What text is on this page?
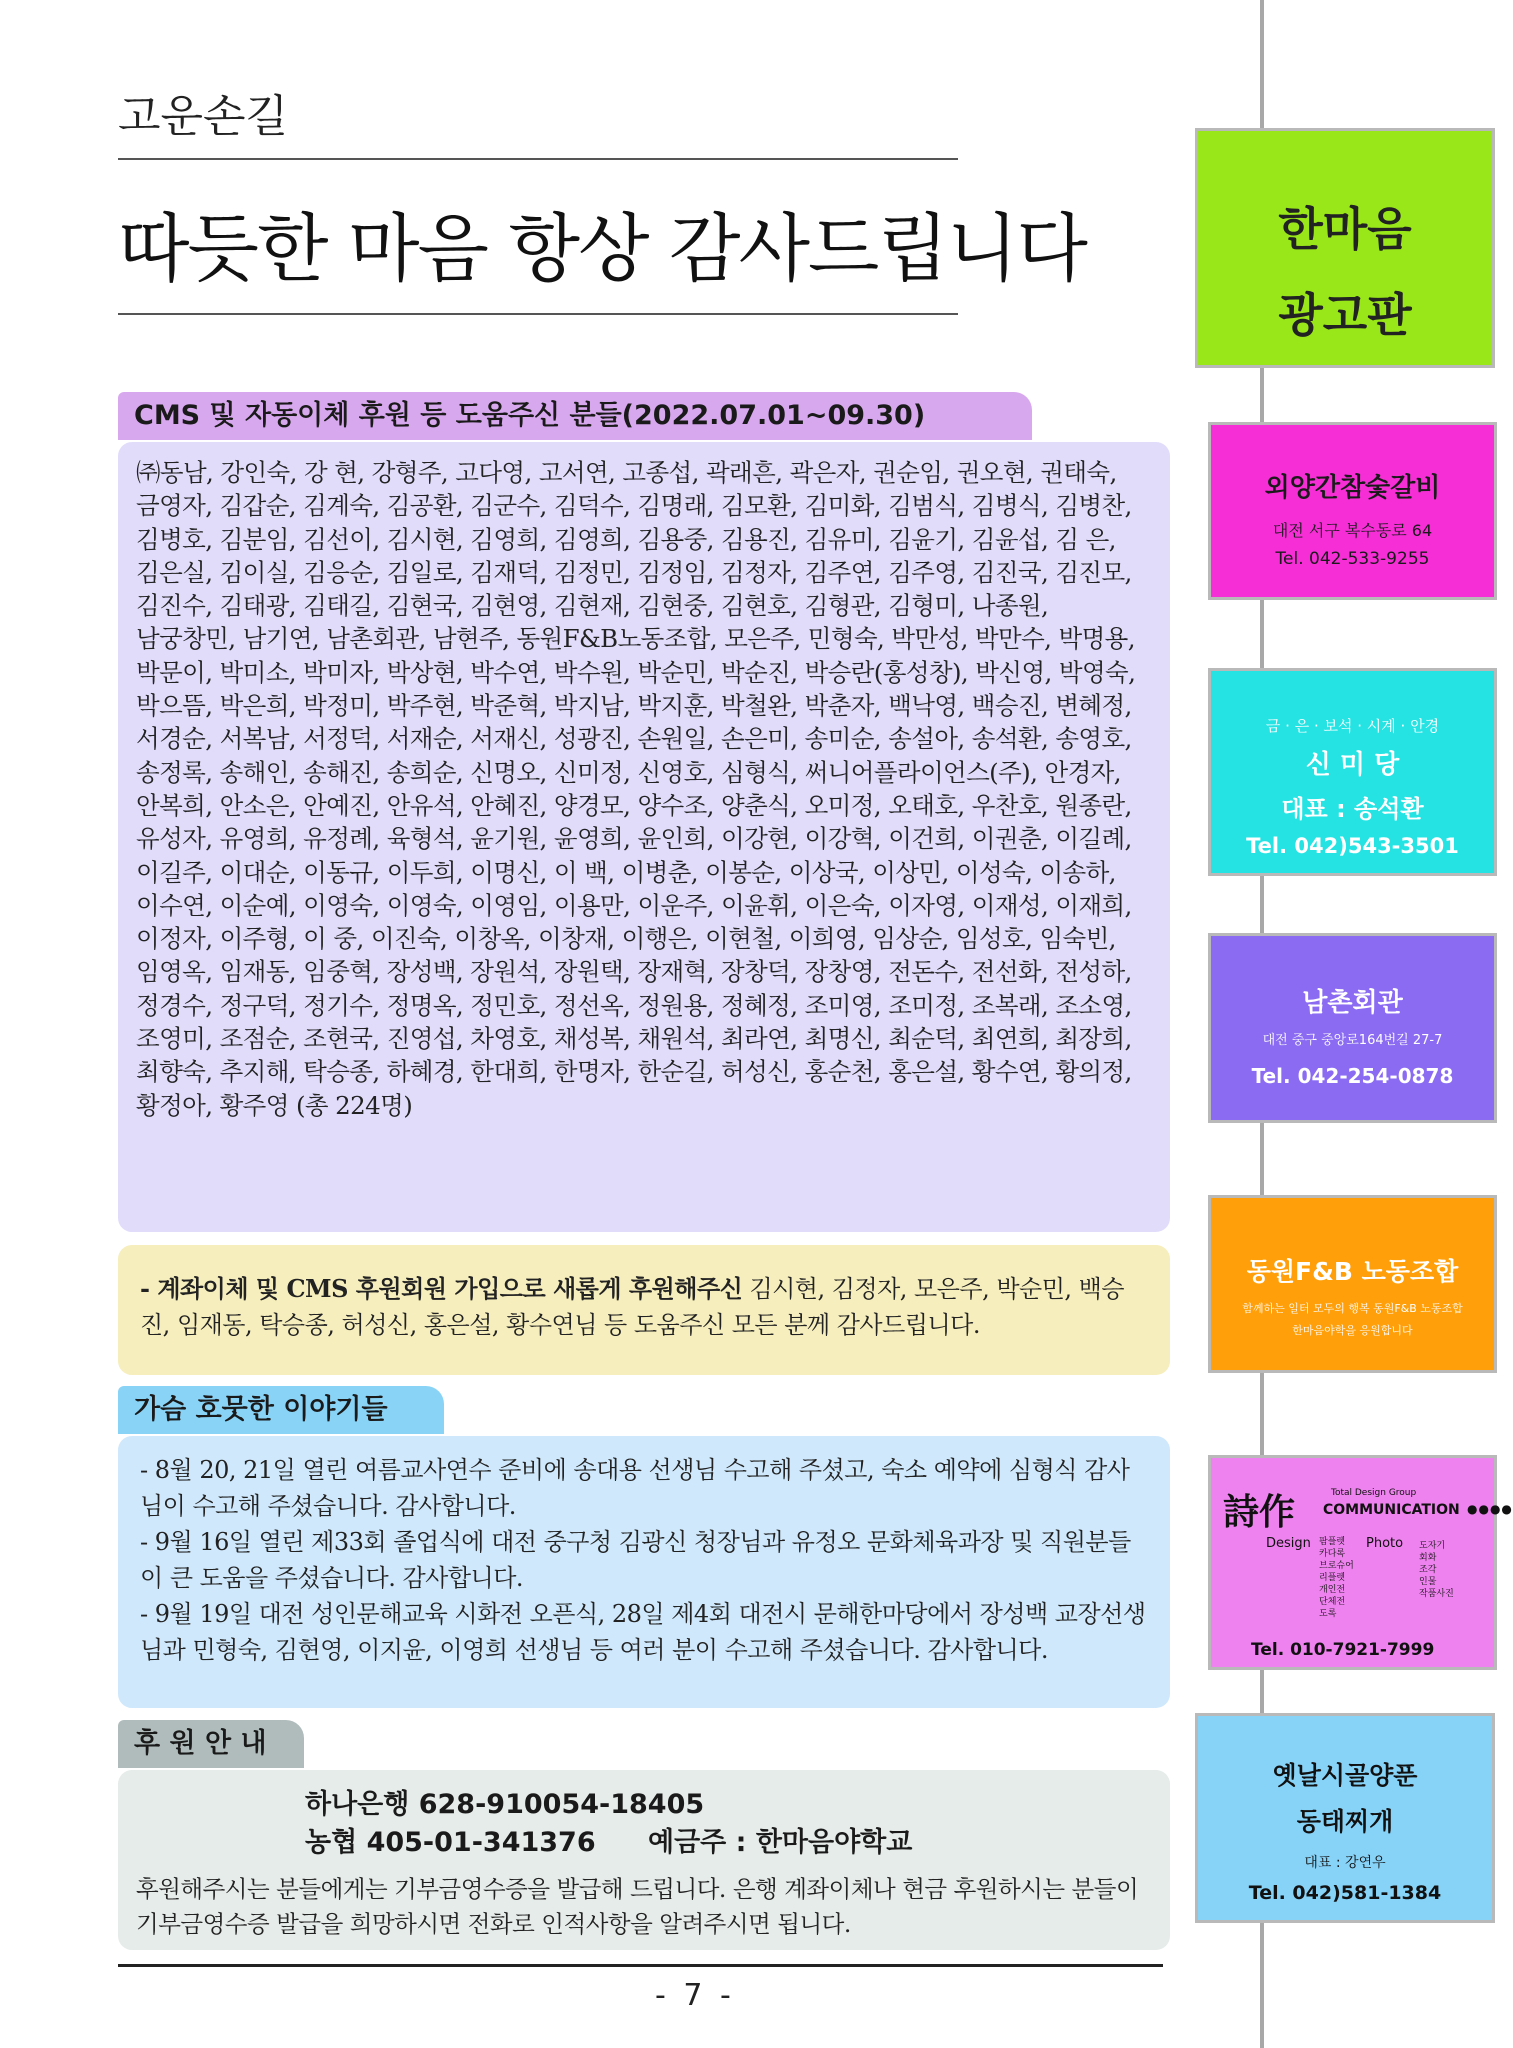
고운손길
따듯한 마음 항상 감사드립니다
CMS 및 자동이체 후원 등 도움주신 분들(2022.07.01~09.30)
㈜동남, 강인숙, 강 현, 강형주, 고다영, 고서연, 고종섭, 곽래흔, 곽은자, 권순임, 권오현, 권태숙, 금영자, 김갑순, 김계숙, 김공환, 김군수, 김덕수, 김명래, 김모환, 김미화, 김범식, 김병식, 김병찬, 김병호, 김분임, 김선이, 김시현, 김영희, 김영희, 김용중, 김용진, 김유미, 김윤기, 김윤섭, 김 은, 김은실, 김이실, 김응순, 김일로, 김재덕, 김정민, 김정임, 김정자, 김주연, 김주영, 김진국, 김진모, 김진수, 김태광, 김태길, 김현국, 김현영, 김현재, 김현중, 김현호, 김형관, 김형미, 나종원, 남궁창민, 남기연, 남촌회관, 남현주, 동원F&B노동조합, 모은주, 민형숙, 박만성, 박만수, 박명용, 박문이, 박미소, 박미자, 박상현, 박수연, 박수원, 박순민, 박순진, 박승란(홍성창), 박신영, 박영숙, 박으뜸, 박은희, 박정미, 박주현, 박준혁, 박지남, 박지훈, 박철완, 박춘자, 백낙영, 백승진, 변혜정, 서경순, 서복남, 서정덕, 서재순, 서재신, 성광진, 손원일, 손은미, 송미순, 송설아, 송석환, 송영호, 송정록, 송해인, 송해진, 송희순, 신명오, 신미정, 신영호, 심형식, 써니어플라이언스(주), 안경자, 안복희, 안소은, 안예진, 안유석, 안혜진, 양경모, 양수조, 양춘식, 오미정, 오태호, 우찬호, 원종란, 유성자, 유영희, 유정례, 육형석, 윤기원, 윤영희, 윤인희, 이강현, 이강혁, 이건희, 이권춘, 이길례, 이길주, 이대순, 이동규, 이두희, 이명신, 이 백, 이병춘, 이봉순, 이상국, 이상민, 이성숙, 이송하, 이수연, 이순예, 이영숙, 이영숙, 이영임, 이용만, 이운주, 이윤휘, 이은숙, 이자영, 이재성, 이재희, 이정자, 이주형, 이 중, 이진숙, 이창옥, 이창재, 이행은, 이현철, 이희영, 임상순, 임성호, 임숙빈, 임영옥, 임재동, 임중혁, 장성백, 장원석, 장원택, 장재혁, 장창덕, 장창영, 전돈수, 전선화, 전성하, 정경수, 정구덕, 정기수, 정명옥, 정민호, 정선옥, 정원용, 정혜정, 조미영, 조미정, 조복래, 조소영, 조영미, 조점순, 조현국, 진영섭, 차영호, 채성복, 채원석, 최라연, 최명신, 최순덕, 최연희, 최장희, 최향숙, 추지해, 탁승종, 하혜경, 한대희, 한명자, 한순길, 허성신, 홍순천, 홍은설, 황수연, 황의정, 황정아, 황주영 (총 224명)
- 계좌이체 및 CMS 후원회원 가입으로 새롭게 후원해주신 김시현, 김정자, 모은주, 박순민, 백승진, 임재동, 탁승종, 허성신, 홍은설, 황수연님 등 도움주신 모든 분께 감사드립니다.
가슴 호뭇한 이야기들
- 8월 20, 21일 열린 여름교사연수 준비에 송대용 선생님 수고해 주셨고, 숙소 예약에 심형식 감사님이 수고해 주셨습니다. 감사합니다.
- 9월 16일 열린 제33회 졸업식에 대전 중구청 김광신 청장님과 유정오 문화체육과장 및 직원분들이 큰 도움을 주셨습니다. 감사합니다.
- 9월 19일 대전 성인문해교육 시화전 오픈식, 28일 제4회 대전시 문해한마당에서 장성백 교장선생님과 민형숙, 김현영, 이지윤, 이영희 선생님 등 여러 분이 수고해 주셨습니다. 감사합니다.
후 원 안 내
하나은행 628-910054-18405
농협 405-01-341376 예금주 : 한마음야학교
후원해주시는 분들에게는 기부금영수증을 발급해 드립니다. 은행 계좌이체나 현금 후원하시는 분들이 기부금영수증 발급을 희망하시면 전화로 인적사항을 알려주시면 됩니다.
- 7 -
한마음
광고판
외양간참숯갈비
대전 서구 복수동로 64
Tel. 042-533-9255
금 · 은 · 보석 · 시계 · 안경
신 미 당
대표 : 송석환
Tel. 042)543-3501
남촌회관
대전 중구 중앙로164번길 27-7
Tel. 042-254-0878
동원F&B 노동조합
함께하는 일터 모두의 행복 동원F&B 노동조합
한마음야학을 응원합니다
詩作	Total Design Group
COMMUNICATION ●●●●
Design	Photo
팜플렛
카다록
브로슈어
리플렛
개인전
단체전
도록
도자기
회화
조각
인물
작품사진
Tel. 010-7921-7999
옛날시골양푼
동태찌개
대표 : 강연우
Tel. 042)581-1384
